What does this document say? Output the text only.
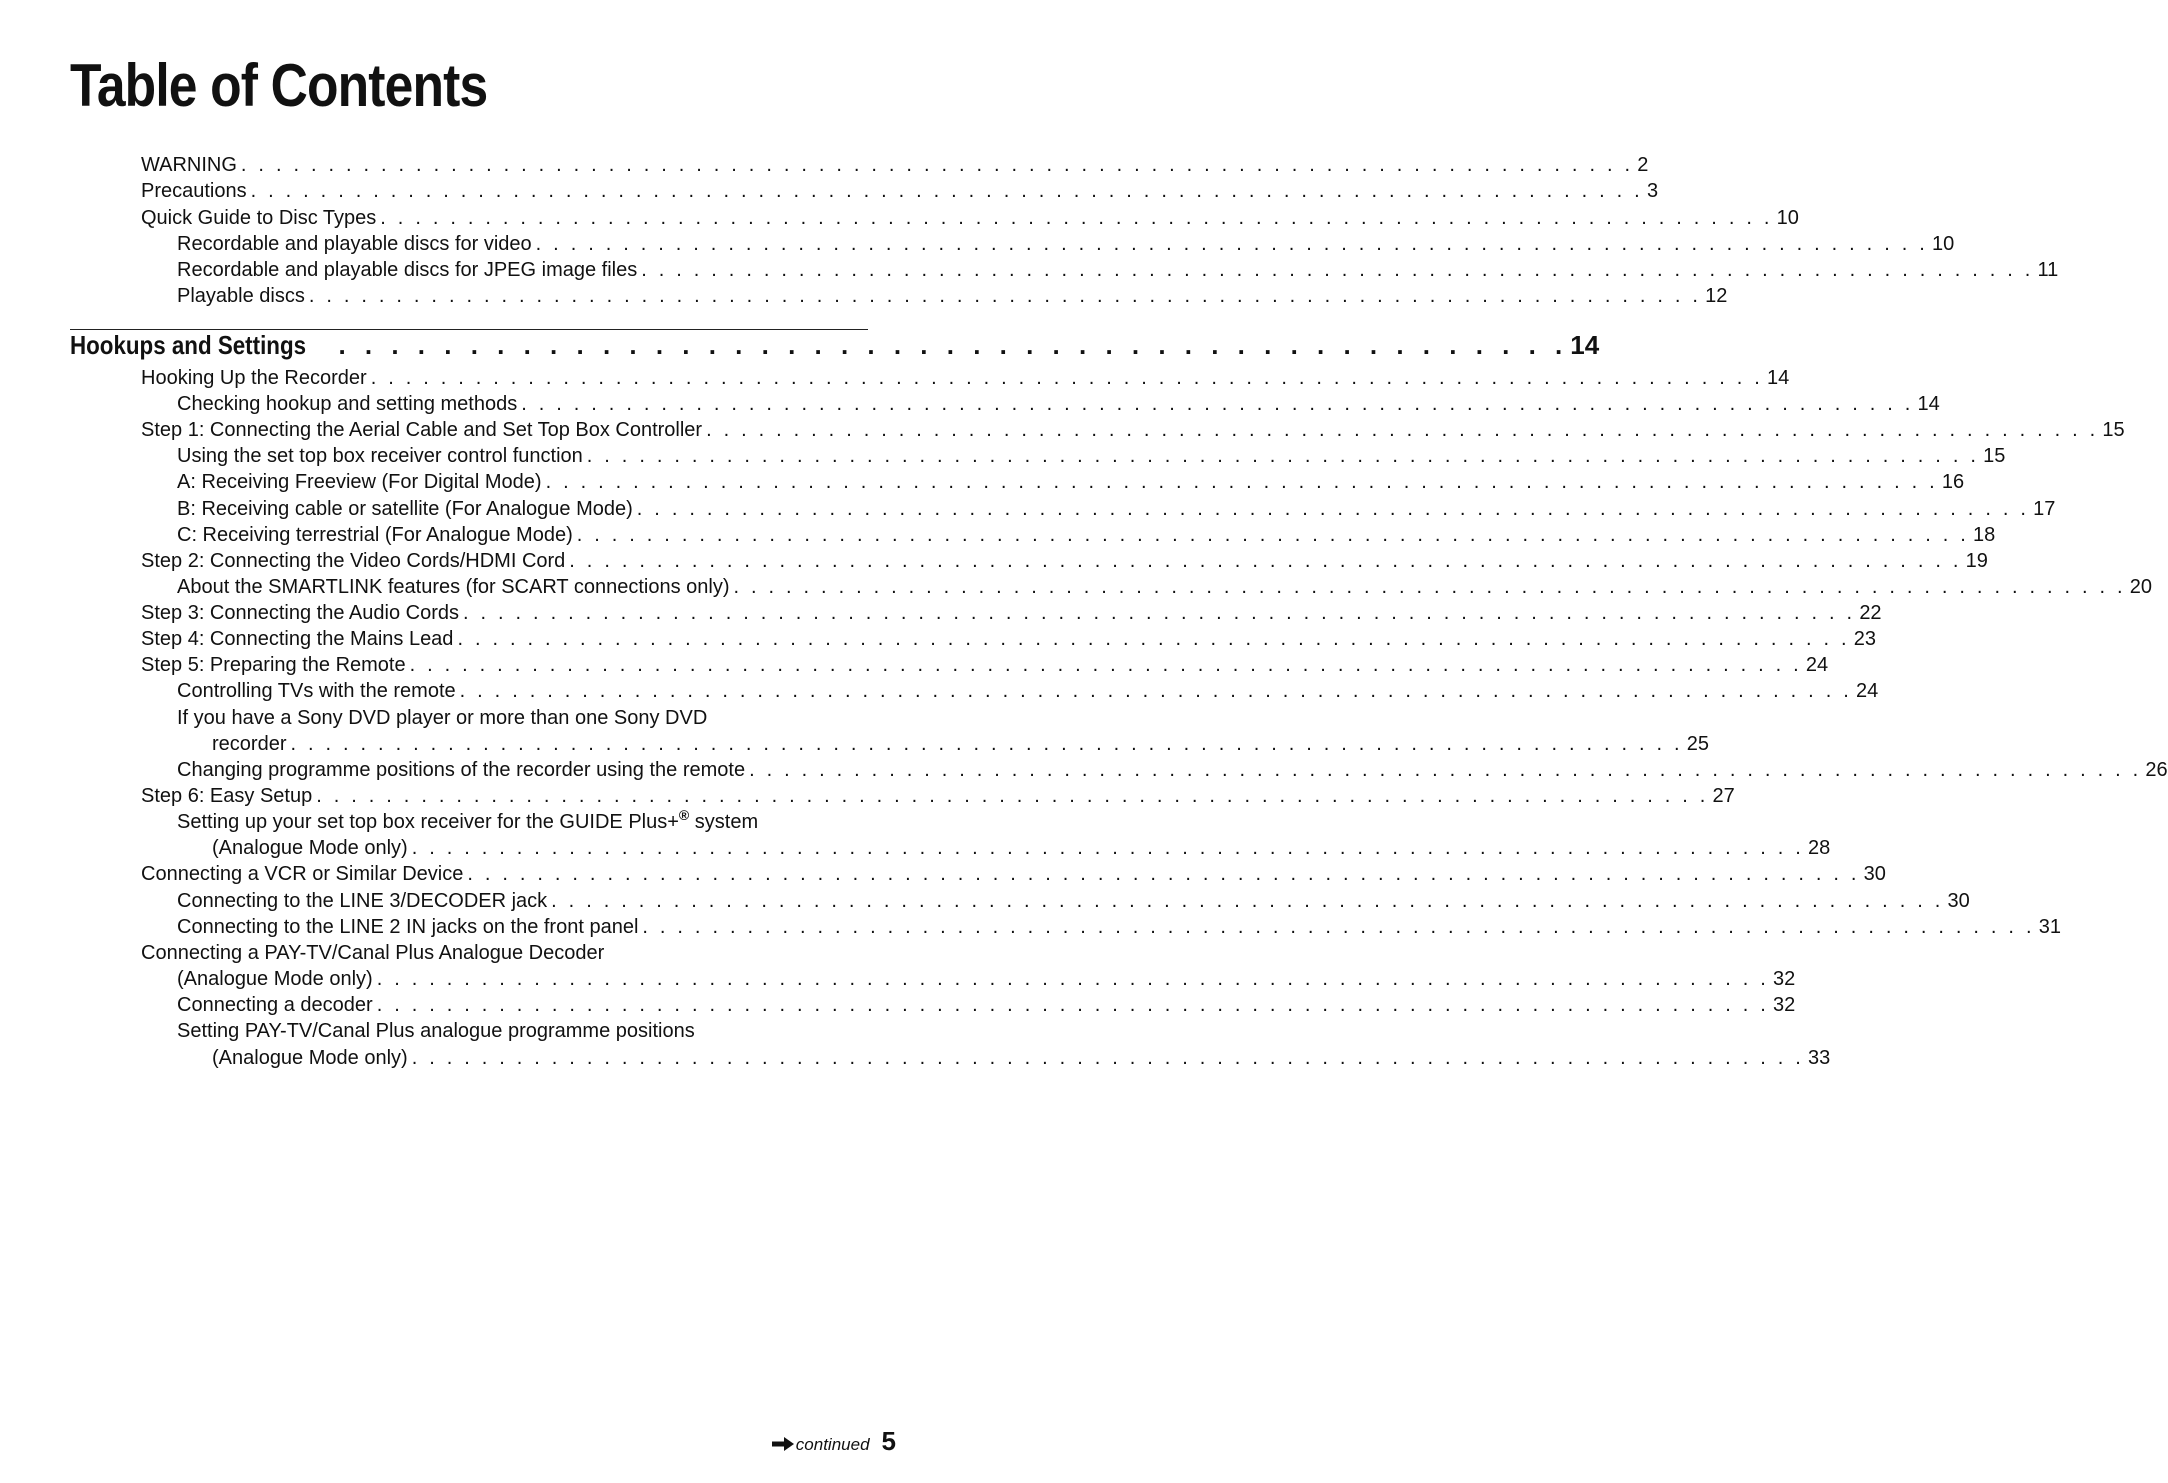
Table of Contents
WARNING . . . . . . . . . . . . . . . . . . . . . . . . . . . . . . . . . . . . . . . . . . . . . . . . . . . . . . . . . . . . . . . . . . . . . . . . . . . . . . . . 2
Precautions . . . . . . . . . . . . . . . . . . . . . . . . . . . . . . . . . . . . . . . . . . . . . . . . . . . . . . . . . . . . . . . . . . . . . . . . . . . . . . . . 3
Quick Guide to Disc Types . . . . . . . . . . . . . . . . . . . . . . . . . . . . . . . . . . . . . . . . . . . . . . . . . . . . . . . . . . . . . . . . . . . . . . . . . . . . . . . . 10
Recordable and playable discs for video . . . . . . . . . . . . . . . . . . . . . . . . . . . . . . . . . . . . . . . . . . . . . . . . . . . . . . . . . . . . . . . . . . . . . . . . . . . . . . . . 10
Recordable and playable discs for JPEG image files . . . . . . . . . . . . . . . . . . . . . . . . . . . . . . . . . . . . . . . . . . . . . . . . . . . . . . . . . . . . . . . . . . . . . . . . . . . . . . . . 11
Playable discs . . . . . . . . . . . . . . . . . . . . . . . . . . . . . . . . . . . . . . . . . . . . . . . . . . . . . . . . . . . . . . . . . . . . . . . . . . . . . . . . 12
Hookups and Settings . . . . . . . . . . . . . . . . . . . . . . . . . . . . . . . . . . . . . . . . . . . . . . . 14
Hooking Up the Recorder . . . . . . . . . . . . . . . . . . . . . . . . . . . . . . . . . . . . . . . . . . . . . . . . . . . . . . . . . . . . . . . . . . . . . . . . . . . . . . . . 14
Checking hookup and setting methods . . . . . . . . . . . . . . . . . . . . . . . . . . . . . . . . . . . . . . . . . . . . . . . . . . . . . . . . . . . . . . . . . . . . . . . . . . . . . . . . 14
Step 1: Connecting the Aerial Cable and Set Top Box Controller . . . . . . . . . . . . . . . . . . . . . . . . . . . . . . . . . . . . . . . . . . . . . . . . . . . . . . . . . . . . . . . . . . . . . . . . . . . . . . . . 15
Using the set top box receiver control function . . . . . . . . . . . . . . . . . . . . . . . . . . . . . . . . . . . . . . . . . . . . . . . . . . . . . . . . . . . . . . . . . . . . . . . . . . . . . . . . 15
A: Receiving Freeview (For Digital Mode) . . . . . . . . . . . . . . . . . . . . . . . . . . . . . . . . . . . . . . . . . . . . . . . . . . . . . . . . . . . . . . . . . . . . . . . . . . . . . . . . 16
B: Receiving cable or satellite (For Analogue Mode) . . . . . . . . . . . . . . . . . . . . . . . . . . . . . . . . . . . . . . . . . . . . . . . . . . . . . . . . . . . . . . . . . . . . . . . . . . . . . . . . 17
C: Receiving terrestrial (For Analogue Mode) . . . . . . . . . . . . . . . . . . . . . . . . . . . . . . . . . . . . . . . . . . . . . . . . . . . . . . . . . . . . . . . . . . . . . . . . . . . . . . . . 18
Step 2: Connecting the Video Cords/HDMI Cord . . . . . . . . . . . . . . . . . . . . . . . . . . . . . . . . . . . . . . . . . . . . . . . . . . . . . . . . . . . . . . . . . . . . . . . . . . . . . . . . 19
About the SMARTLINK features (for SCART connections only) . . . . . . . . . . . . . . . . . . . . . . . . . . . . . . . . . . . . . . . . . . . . . . . . . . . . . . . . . . . . . . . . . . . . . . . . . . . . . . . . 20
Step 3: Connecting the Audio Cords . . . . . . . . . . . . . . . . . . . . . . . . . . . . . . . . . . . . . . . . . . . . . . . . . . . . . . . . . . . . . . . . . . . . . . . . . . . . . . . . 22
Step 4: Connecting the Mains Lead . . . . . . . . . . . . . . . . . . . . . . . . . . . . . . . . . . . . . . . . . . . . . . . . . . . . . . . . . . . . . . . . . . . . . . . . . . . . . . . . 23
Step 5: Preparing the Remote . . . . . . . . . . . . . . . . . . . . . . . . . . . . . . . . . . . . . . . . . . . . . . . . . . . . . . . . . . . . . . . . . . . . . . . . . . . . . . . . 24
Controlling TVs with the remote . . . . . . . . . . . . . . . . . . . . . . . . . . . . . . . . . . . . . . . . . . . . . . . . . . . . . . . . . . . . . . . . . . . . . . . . . . . . . . . . 24
If you have a Sony DVD player or more than one Sony DVD
recorder . . . . . . . . . . . . . . . . . . . . . . . . . . . . . . . . . . . . . . . . . . . . . . . . . . . . . . . . . . . . . . . . . . . . . . . . . . . . . . . . 25
Changing programme positions of the recorder using the remote . . . . . . . . . . . . . . . . . . . . . . . . . . . . . . . . . . . . . . . . . . . . . . . . . . . . . . . . . . . . . . . . . . . . . . . . . . . . . . . . 26
Step 6: Easy Setup . . . . . . . . . . . . . . . . . . . . . . . . . . . . . . . . . . . . . . . . . . . . . . . . . . . . . . . . . . . . . . . . . . . . . . . . . . . . . . . . 27
Setting up your set top box receiver for the GUIDE Plus+® system
(Analogue Mode only) . . . . . . . . . . . . . . . . . . . . . . . . . . . . . . . . . . . . . . . . . . . . . . . . . . . . . . . . . . . . . . . . . . . . . . . . . . . . . . . . 28
Connecting a VCR or Similar Device . . . . . . . . . . . . . . . . . . . . . . . . . . . . . . . . . . . . . . . . . . . . . . . . . . . . . . . . . . . . . . . . . . . . . . . . . . . . . . . . 30
Connecting to the LINE 3/DECODER jack . . . . . . . . . . . . . . . . . . . . . . . . . . . . . . . . . . . . . . . . . . . . . . . . . . . . . . . . . . . . . . . . . . . . . . . . . . . . . . . . 30
Connecting to the LINE 2 IN jacks on the front panel . . . . . . . . . . . . . . . . . . . . . . . . . . . . . . . . . . . . . . . . . . . . . . . . . . . . . . . . . . . . . . . . . . . . . . . . . . . . . . . . 31
Connecting a PAY-TV/Canal Plus Analogue Decoder
(Analogue Mode only) . . . . . . . . . . . . . . . . . . . . . . . . . . . . . . . . . . . . . . . . . . . . . . . . . . . . . . . . . . . . . . . . . . . . . . . . . . . . . . . . 32
Connecting a decoder . . . . . . . . . . . . . . . . . . . . . . . . . . . . . . . . . . . . . . . . . . . . . . . . . . . . . . . . . . . . . . . . . . . . . . . . . . . . . . . . 32
Setting PAY-TV/Canal Plus analogue programme positions
(Analogue Mode only) . . . . . . . . . . . . . . . . . . . . . . . . . . . . . . . . . . . . . . . . . . . . . . . . . . . . . . . . . . . . . . . . . . . . . . . . . . . . . . . . 33
continued 5
